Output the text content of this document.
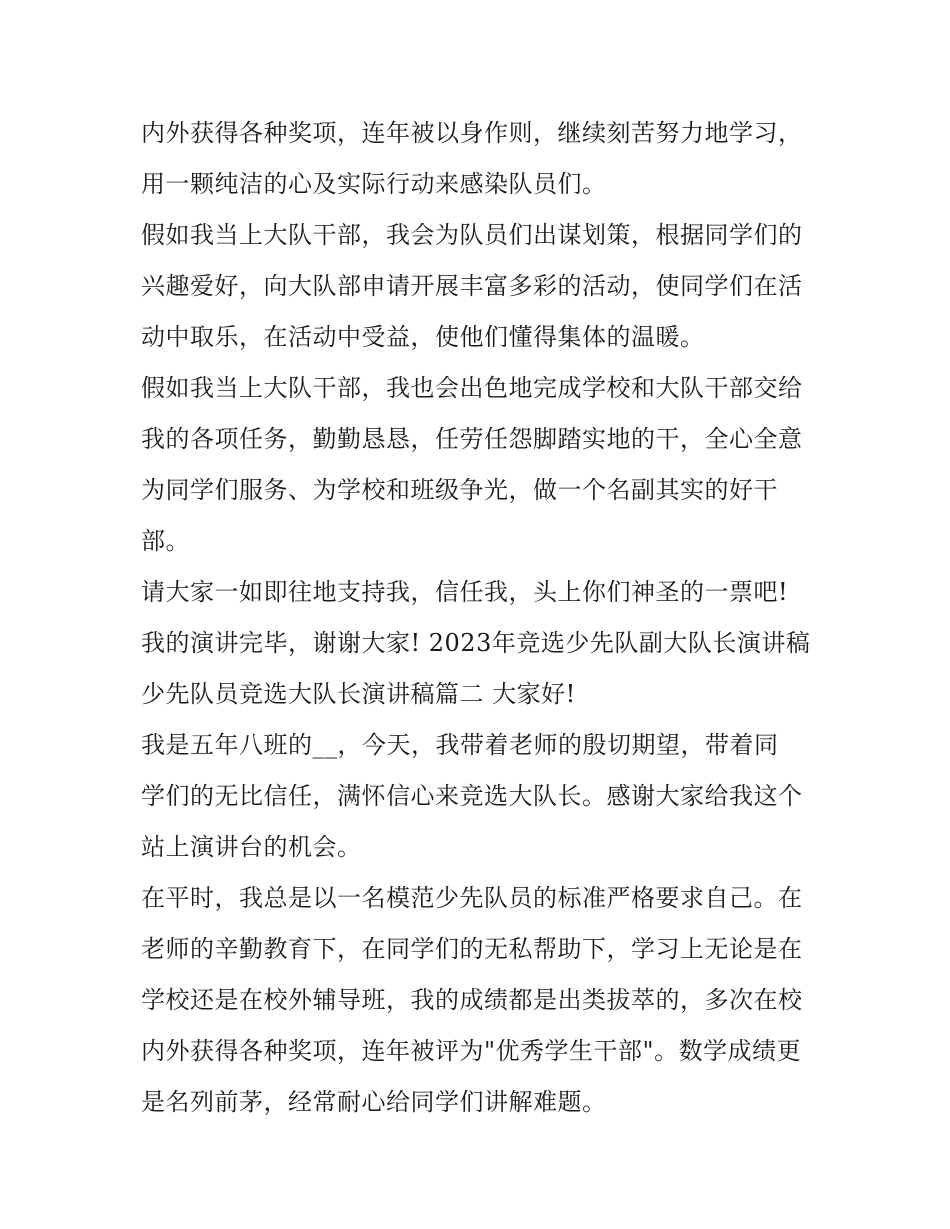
内外获得各种奖项，连年被以身作则，继续刻苦努力地学习，
用一颗纯洁的心及实际行动来感染队员们。
假如我当上大队干部，我会为队员们出谋划策，根据同学们的
兴趣爱好，向大队部申请开展丰富多彩的活动，使同学们在活
动中取乐，在活动中受益，使他们懂得集体的温暖。
假如我当上大队干部，我也会出色地完成学校和大队干部交给
我的各项任务，勤勤恳恳，任劳任怨脚踏实地的干，全心全意
为同学们服务、为学校和班级争光，做一个名副其实的好干
部。
请大家一如即往地支持我，信任我，头上你们神圣的一票吧!
我的演讲完毕，谢谢大家! 2023年竞选少先队副大队长演讲稿
少先队员竞选大队长演讲稿篇二 大家好!
我是五年八班的__，今天，我带着老师的殷切期望，带着同
学们的无比信任，满怀信心来竞选大队长。感谢大家给我这个
站上演讲台的机会。
在平时，我总是以一名模范少先队员的标准严格要求自己。在
老师的辛勤教育下，在同学们的无私帮助下，学习上无论是在
学校还是在校外辅导班，我的成绩都是出类拔萃的，多次在校
内外获得各种奖项，连年被评为"优秀学生干部"。数学成绩更
是名列前茅，经常耐心给同学们讲解难题。
